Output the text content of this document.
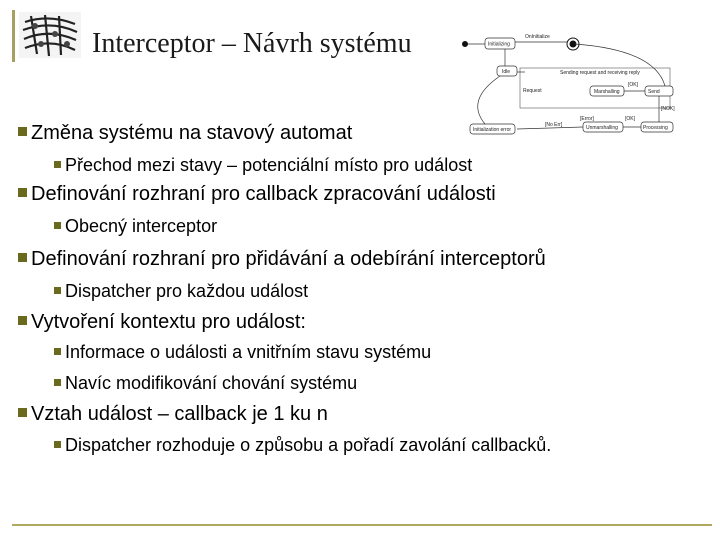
Interceptor – Návrh systému	Initializing
Idle	Sending request and receiving reply
Marshalling	Send
Initialization error	Unmarshalling	Processing
OnInitialize
Request
[OK]
[NOK]
[OK]
[No Err]
[Error]
Změna systému na stavový automat
Přechod mezi stavy – potenciální místo pro událost
Definování rozhraní pro callback zpracování události
Obecný interceptor
Definování rozhraní pro přidávání a odebírání interceptorů
Dispatcher pro každou událost
Vytvoření kontextu pro událost:
Informace o události a vnitřním stavu systému
Navíc modifikování chování systému
Vztah událost – callback je 1 ku n
Dispatcher rozhoduje o způsobu a pořadí zavolání callbacků.
